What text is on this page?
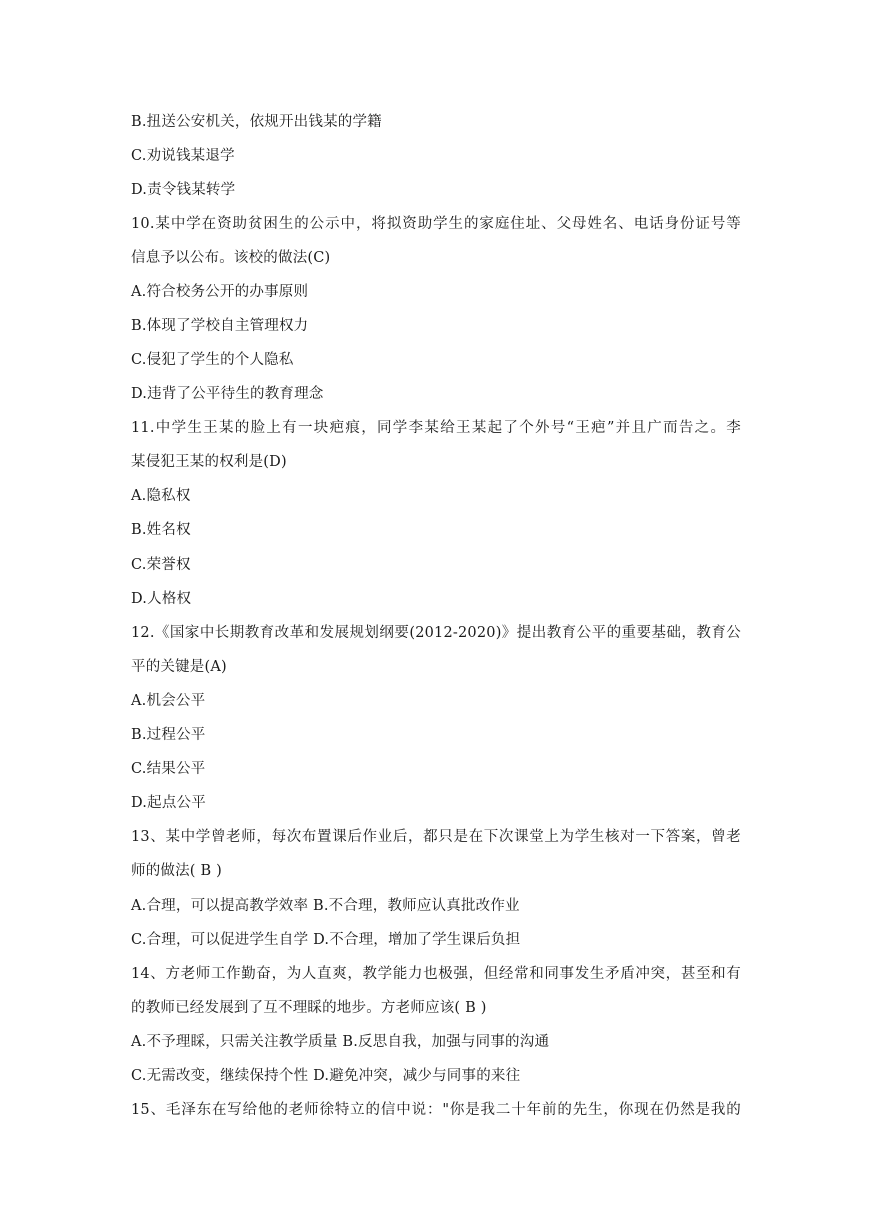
B.扭送公安机关，依规开出钱某的学籍
C.劝说钱某退学
D.责令钱某转学
10.某中学在资助贫困生的公示中，将拟资助学生的家庭住址、父母姓名、电话身份证号等
信息予以公布。该校的做法(C)
A.符合校务公开的办事原则
B.体现了学校自主管理权力
C.侵犯了学生的个人隐私
D.违背了公平待生的教育理念
11.中学生王某的脸上有一块疤痕，同学李某给王某起了个外号“王疤”并且广而告之。李
某侵犯王某的权利是(D)
A.隐私权
B.姓名权
C.荣誉权
D.人格权
12.《国家中长期教育改革和发展规划纲要(2012-2020)》提出教育公平的重要基础，教育公
平的关键是(A)
A.机会公平
B.过程公平
C.结果公平
D.起点公平
13、某中学曾老师，每次布置课后作业后，都只是在下次课堂上为学生核对一下答案，曾老
师的做法( B )
A.合理，可以提高教学效率 B.不合理，教师应认真批改作业
C.合理，可以促进学生自学 D.不合理，增加了学生课后负担
14、方老师工作勤奋，为人直爽，教学能力也极强，但经常和同事发生矛盾冲突，甚至和有
的教师已经发展到了互不理睬的地步。方老师应该( B )
A.不予理睬，只需关注教学质量 B.反思自我，加强与同事的沟通
C.无需改变，继续保持个性 D.避免冲突，减少与同事的来往
15、毛泽东在写给他的老师徐特立的信中说："你是我二十年前的先生，你现在仍然是我的
